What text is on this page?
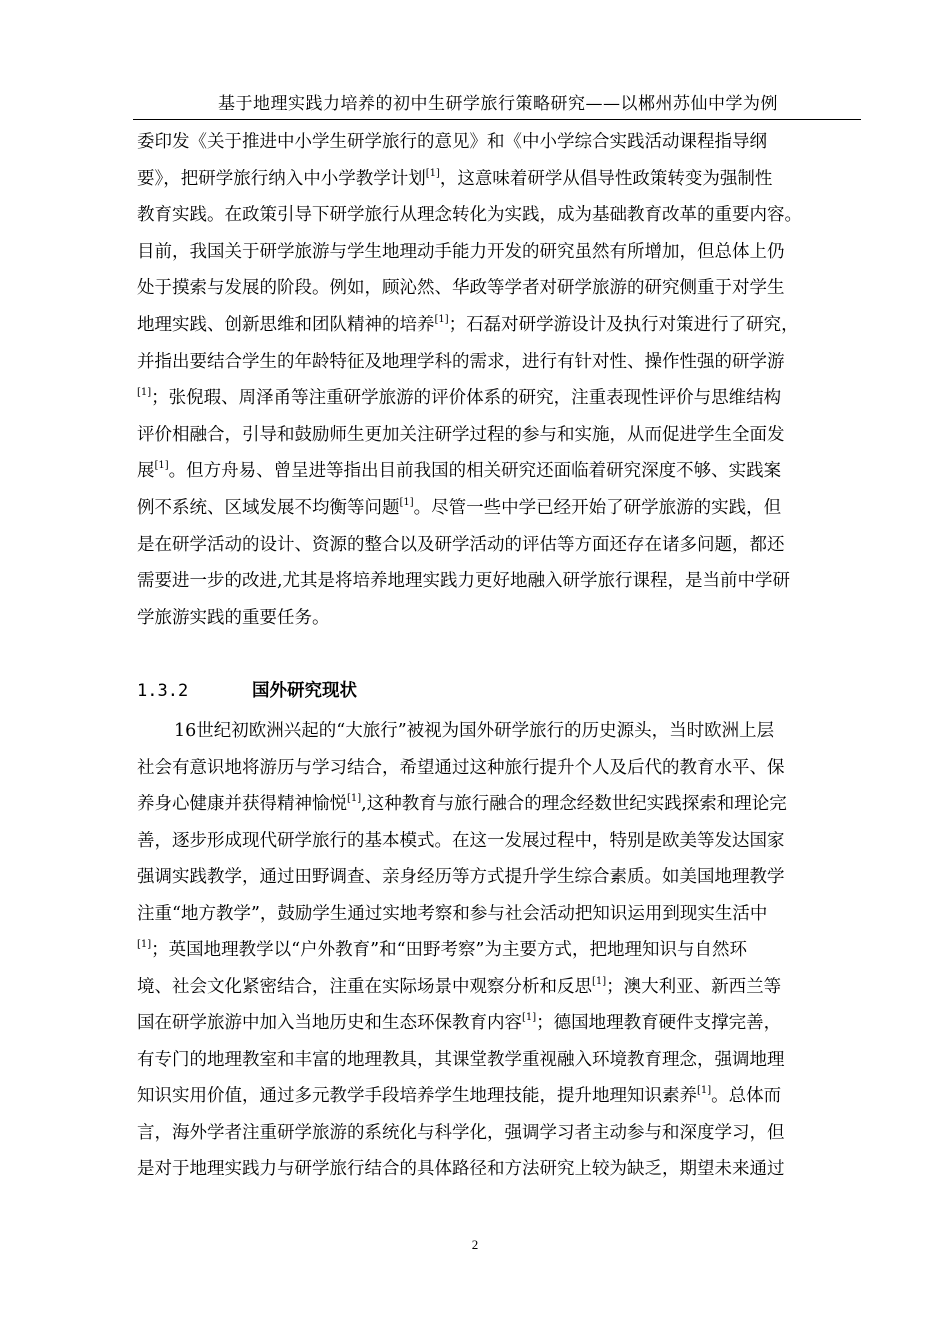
基于地理实践力培养的初中生研学旅行策略研究——以郴州苏仙中学为例
委印发《关于推进中小学生研学旅行的意见》和《中小学综合实践活动课程指导纲
要》，把研学旅行纳入中小学教学计划[1]，这意味着研学从倡导性政策转变为强制性
教育实践。在政策引导下研学旅行从理念转化为实践，成为基础教育改革的重要内容。
目前，我国关于研学旅游与学生地理动手能力开发的研究虽然有所增加，但总体上仍
处于摸索与发展的阶段。例如，顾沁然、华政等学者对研学旅游的研究侧重于对学生
地理实践、创新思维和团队精神的培养[1]；石磊对研学游设计及执行对策进行了研究，
并指出要结合学生的年龄特征及地理学科的需求，进行有针对性、操作性强的研学游
[1]；张倪瑕、周泽甬等注重研学旅游的评价体系的研究，注重表现性评价与思维结构
评价相融合，引导和鼓励师生更加关注研学过程的参与和实施，从而促进学生全面发
展[1]。但方舟易、曾呈进等指出目前我国的相关研究还面临着研究深度不够、实践案
例不系统、区域发展不均衡等问题[1]。尽管一些中学已经开始了研学旅游的实践，但
是在研学活动的设计、资源的整合以及研学活动的评估等方面还存在诸多问题，都还
需要进一步的改进,尤其是将培养地理实践力更好地融入研学旅行课程，是当前中学研
学旅游实践的重要任务。
1.3.2	国外研究现状
16世纪初欧洲兴起的“大旅行”被视为国外研学旅行的历史源头，当时欧洲上层
社会有意识地将游历与学习结合，希望通过这种旅行提升个人及后代的教育水平、保
养身心健康并获得精神愉悦[1],这种教育与旅行融合的理念经数世纪实践探索和理论完
善，逐步形成现代研学旅行的基本模式。在这一发展过程中，特别是欧美等发达国家
强调实践教学，通过田野调查、亲身经历等方式提升学生综合素质。如美国地理教学
注重“地方教学”，鼓励学生通过实地考察和参与社会活动把知识运用到现实生活中
[1]；英国地理教学以“户外教育”和“田野考察”为主要方式，把地理知识与自然环
境、社会文化紧密结合，注重在实际场景中观察分析和反思[1]；澳大利亚、新西兰等
国在研学旅游中加入当地历史和生态环保教育内容[1]；德国地理教育硬件支撑完善，
有专门的地理教室和丰富的地理教具，其课堂教学重视融入环境教育理念，强调地理
知识实用价值，通过多元教学手段培养学生地理技能，提升地理知识素养[1]。总体而
言，海外学者注重研学旅游的系统化与科学化，强调学习者主动参与和深度学习，但
是对于地理实践力与研学旅行结合的具体路径和方法研究上较为缺乏，期望未来通过
2
